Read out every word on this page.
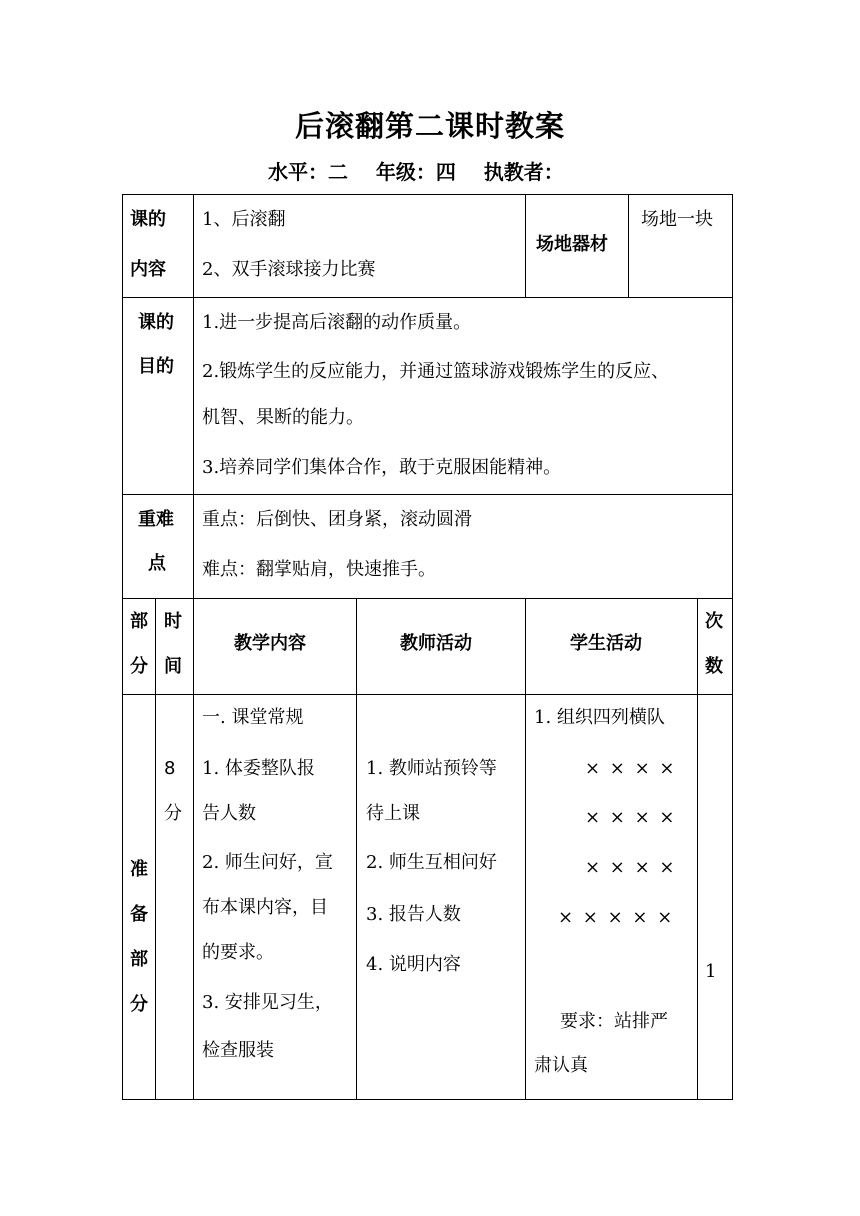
后滚翻第二课时教案
水平：二    年级：四    执教者：
课的
内容
1、后滚翻
2、双手滚球接力比赛
场地器材
场地一块
课的
目的
1.进一步提高后滚翻的动作质量。
2.锻炼学生的反应能力，并通过篮球游戏锻炼学生的反应、
机智、果断的能力。
3.培养同学们集体合作，敢于克服困能精神。
重难
点
重点：后倒快、团身紧，滚动圆滑
难点：翻掌贴肩，快速推手。
部
分
时
间
教学内容	教师活动	学生活动
次
数
准
备
部
分
8
分
一. 课堂常规
1. 体委整队报
告人数
2. 师生问好，宣
布本课内容，目
的要求。
3. 安排见习生，
检查服装
1. 教师站预铃等
待上课
2. 师生互相问好
3. 报告人数
4. 说明内容
1. 组织四列横队
× × × ×
× × × ×
× × × ×
× × × × ×
要求：站排严
肃认真
1
